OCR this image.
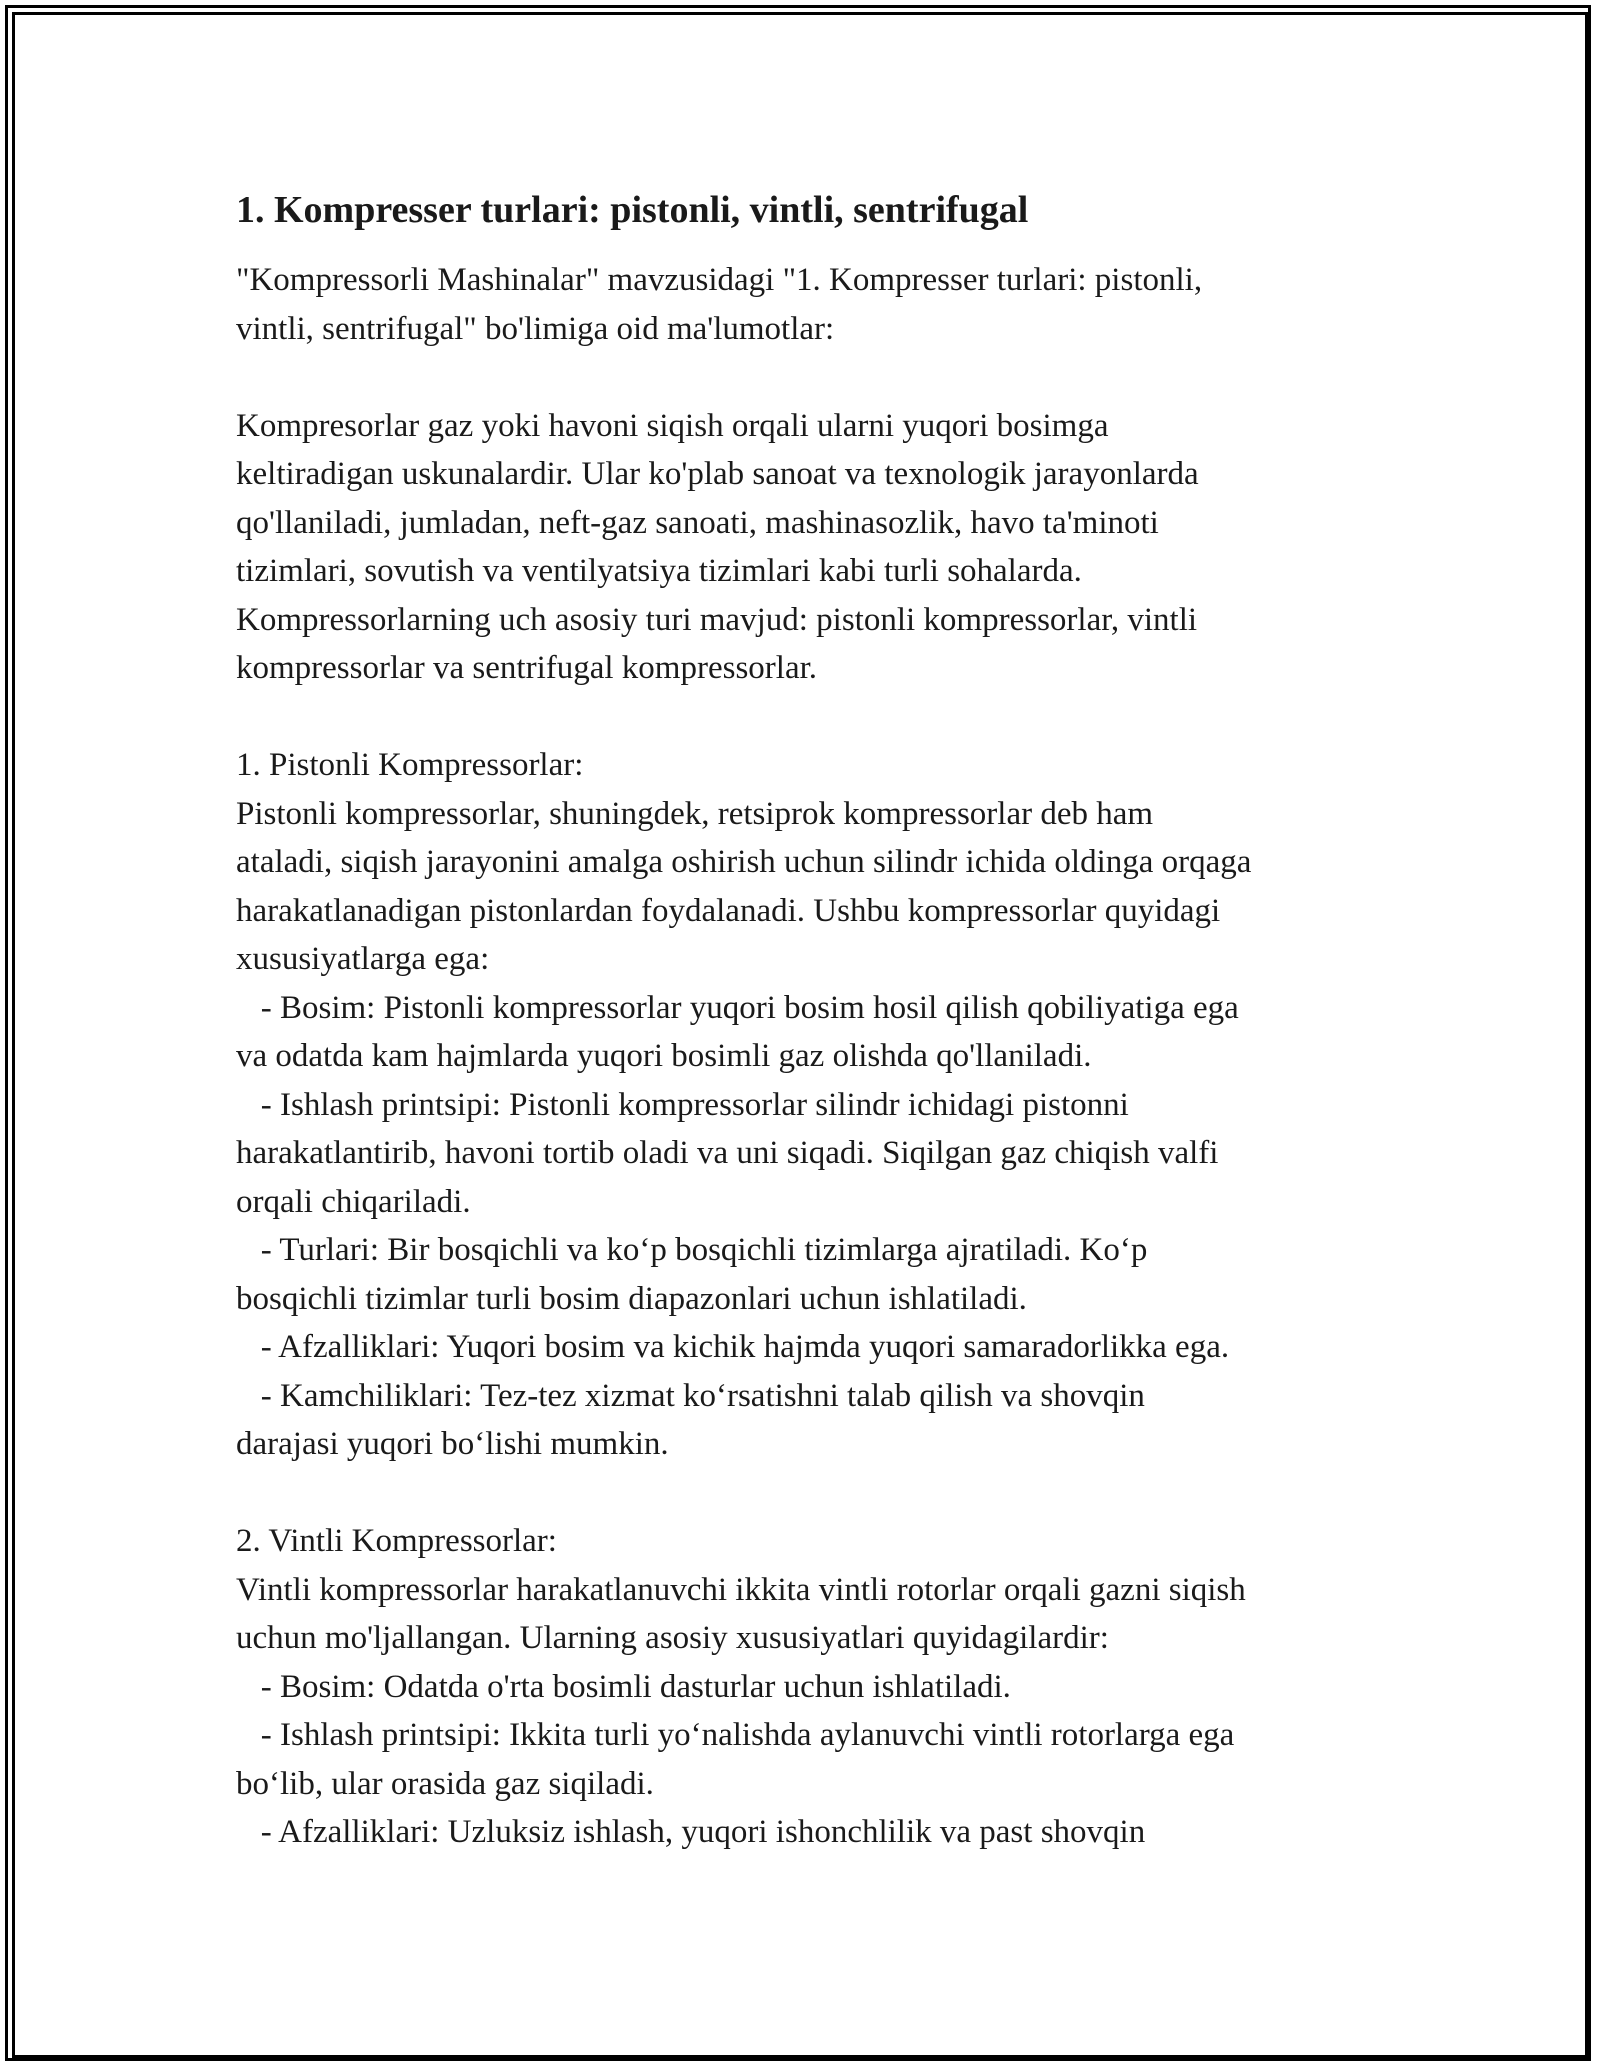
1. Kompresser turlari: pistonli, vintli, sentrifugal

"Kompressorli Mashinalar" mavzusidagi "1. Kompresser turlari: pistonli,
vintli, sentrifugal" bo'limiga oid ma'lumotlar:

Kompresorlar gaz yoki havoni siqish orqali ularni yuqori bosimga
keltiradigan uskunalardir. Ular ko'plab sanoat va texnologik jarayonlarda
qo'llaniladi, jumladan, neft-gaz sanoati, mashinasozlik, havo ta'minoti
tizimlari, sovutish va ventilyatsiya tizimlari kabi turli sohalarda.
Kompressorlarning uch asosiy turi mavjud: pistonli kompressorlar, vintli
kompressorlar va sentrifugal kompressorlar.

1. Pistonli Kompressorlar:
Pistonli kompressorlar, shuningdek, retsiprok kompressorlar deb ham
ataladi, siqish jarayonini amalga oshirish uchun silindr ichida oldinga orqaga
harakatlanadigan pistonlardan foydalanadi. Ushbu kompressorlar quyidagi
xususiyatlarga ega:
- Bosim: Pistonli kompressorlar yuqori bosim hosil qilish qobiliyatiga ega
va odatda kam hajmlarda yuqori bosimli gaz olishda qo'llaniladi.
- Ishlash printsipi: Pistonli kompressorlar silindr ichidagi pistonni
harakatlantirib, havoni tortib oladi va uni siqadi. Siqilgan gaz chiqish valfi
orqali chiqariladi.
- Turlari: Bir bosqichli va koʻp bosqichli tizimlarga ajratiladi. Koʻp
bosqichli tizimlar turli bosim diapazonlari uchun ishlatiladi.
- Afzalliklari: Yuqori bosim va kichik hajmda yuqori samaradorlikka ega.
- Kamchiliklari: Tez-tez xizmat koʻrsatishni talab qilish va shovqin
darajasi yuqori boʻlishi mumkin.

2. Vintli Kompressorlar:
Vintli kompressorlar harakatlanuvchi ikkita vintli rotorlar orqali gazni siqish
uchun mo'ljallangan. Ularning asosiy xususiyatlari quyidagilardir:
- Bosim: Odatda o'rta bosimli dasturlar uchun ishlatiladi.
- Ishlash printsipi: Ikkita turli yoʻnalishda aylanuvchi vintli rotorlarga ega
boʻlib, ular orasida gaz siqiladi.
- Afzalliklari: Uzluksiz ishlash, yuqori ishonchlilik va past shovqin
